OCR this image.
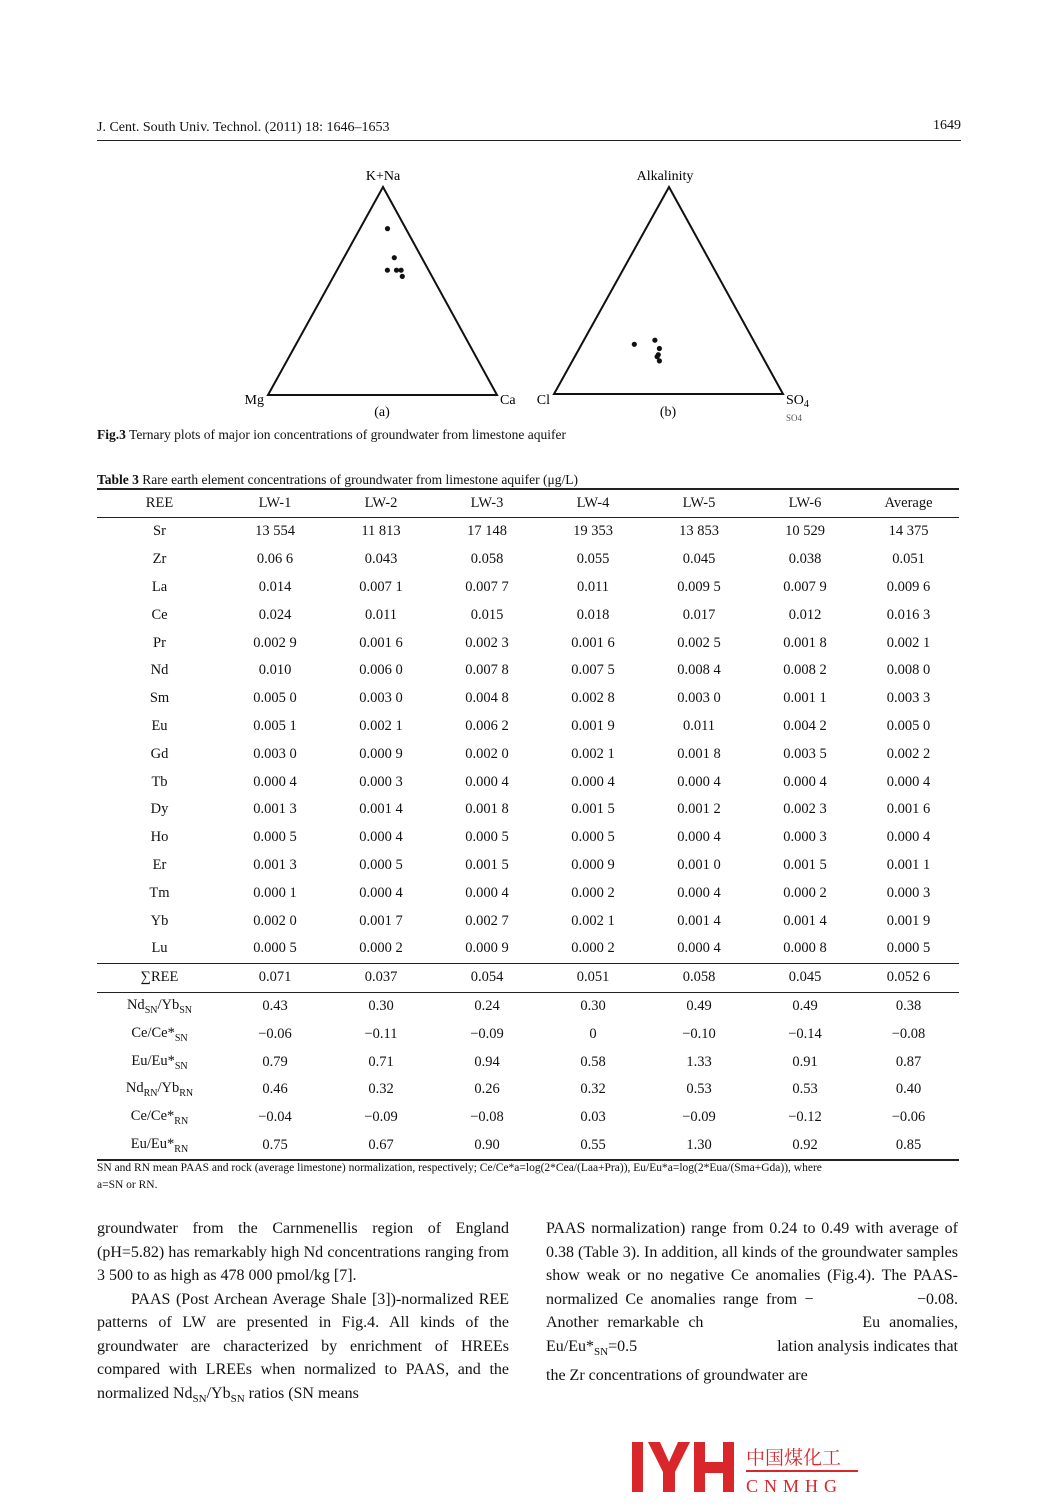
J. Cent. South Univ. Technol. (2011) 18: 1646–1653	1649
K+Na
Mg	Ca
(a)
Alkalinity
Cl	$SO_4$
(b)	SO4
Fig.3 Ternary plots of major ion concentrations of groundwater from limestone aquifer
Table 3 Rare earth element concentrations of groundwater from limestone aquifer (μg/L)
REE	LW-1	LW-2	LW-3	LW-4	LW-5	LW-6	Average
Sr	13 554	11 813	17 148	19 353	13 853	10 529	14 375
Zr	0.06 6	0.043	0.058	0.055	0.045	0.038	0.051
La	0.014	0.007 1	0.007 7	0.011	0.009 5	0.007 9	0.009 6
Ce	0.024	0.011	0.015	0.018	0.017	0.012	0.016 3
Pr	0.002 9	0.001 6	0.002 3	0.001 6	0.002 5	0.001 8	0.002 1
Nd	0.010	0.006 0	0.007 8	0.007 5	0.008 4	0.008 2	0.008 0
Sm	0.005 0	0.003 0	0.004 8	0.002 8	0.003 0	0.001 1	0.003 3
Eu	0.005 1	0.002 1	0.006 2	0.001 9	0.011	0.004 2	0.005 0
Gd	0.003 0	0.000 9	0.002 0	0.002 1	0.001 8	0.003 5	0.002 2
Tb	0.000 4	0.000 3	0.000 4	0.000 4	0.000 4	0.000 4	0.000 4
Dy	0.001 3	0.001 4	0.001 8	0.001 5	0.001 2	0.002 3	0.001 6
Ho	0.000 5	0.000 4	0.000 5	0.000 5	0.000 4	0.000 3	0.000 4
Er	0.001 3	0.000 5	0.001 5	0.000 9	0.001 0	0.001 5	0.001 1
Tm	0.000 1	0.000 4	0.000 4	0.000 2	0.000 4	0.000 2	0.000 3
Yb	0.002 0	0.001 7	0.002 7	0.002 1	0.001 4	0.001 4	0.001 9
Lu	0.000 5	0.000 2	0.000 9	0.000 2	0.000 4	0.000 8	0.000 5
∑REE	0.071	0.037	0.054	0.051	0.058	0.045	0.052 6
$Nd_{SN}/Yb_{SN}$	0.43	0.30	0.24	0.30	0.49	0.49	0.38
$Ce/Ce*_{SN}$	−0.06	−0.11	−0.09	0	−0.10	−0.14	−0.08
$Eu/Eu*_{SN}$	0.79	0.71	0.94	0.58	1.33	0.91	0.87
$Nd_{RN}/Yb_{RN}$	0.46	0.32	0.26	0.32	0.53	0.53	0.40
$Ce/Ce*_{RN}$	−0.04	−0.09	−0.08	0.03	−0.09	−0.12	−0.06
$Eu/Eu*_{RN}$	0.75	0.67	0.90	0.55	1.30	0.92	0.85
SN and RN mean PAAS and rock (average limestone) normalization, respectively; Ce/Ce*a=log(2*Cea/(Laa+Pra)), Eu/Eu*a=log(2*Eua/(Sma+Gda)), where
a=SN or RN.

groundwater from the Carnmenellis region of England (pH=5.82) has remarkably high Nd concentrations ranging from 3 500 to as high as 478 000 pmol/kg [7].

PAAS (Post Archean Average Shale [3])-normalized REE patterns of LW are presented in Fig.4. All kinds of the groundwater are characterized by enrichment of HREEs compared with LREEs when normalized to PAAS, and the normalized $Nd_{SN}/Yb_{SN}$ ratios (SN means

PAAS normalization) range from 0.24 to 0.49 with average of 0.38 (Table 3). In addition, all kinds of the groundwater samples show weak or no negative Ce anomalies (Fig.4). The PAAS-normalized Ce anomalies range from −	−0.08. Another remarkable ch	Eu anomalies, $Eu/Eu*_{SN}=0.5$	lation analysis indicates that the Zr concentrations of groundwater are

中国煤化工
CNMHG
